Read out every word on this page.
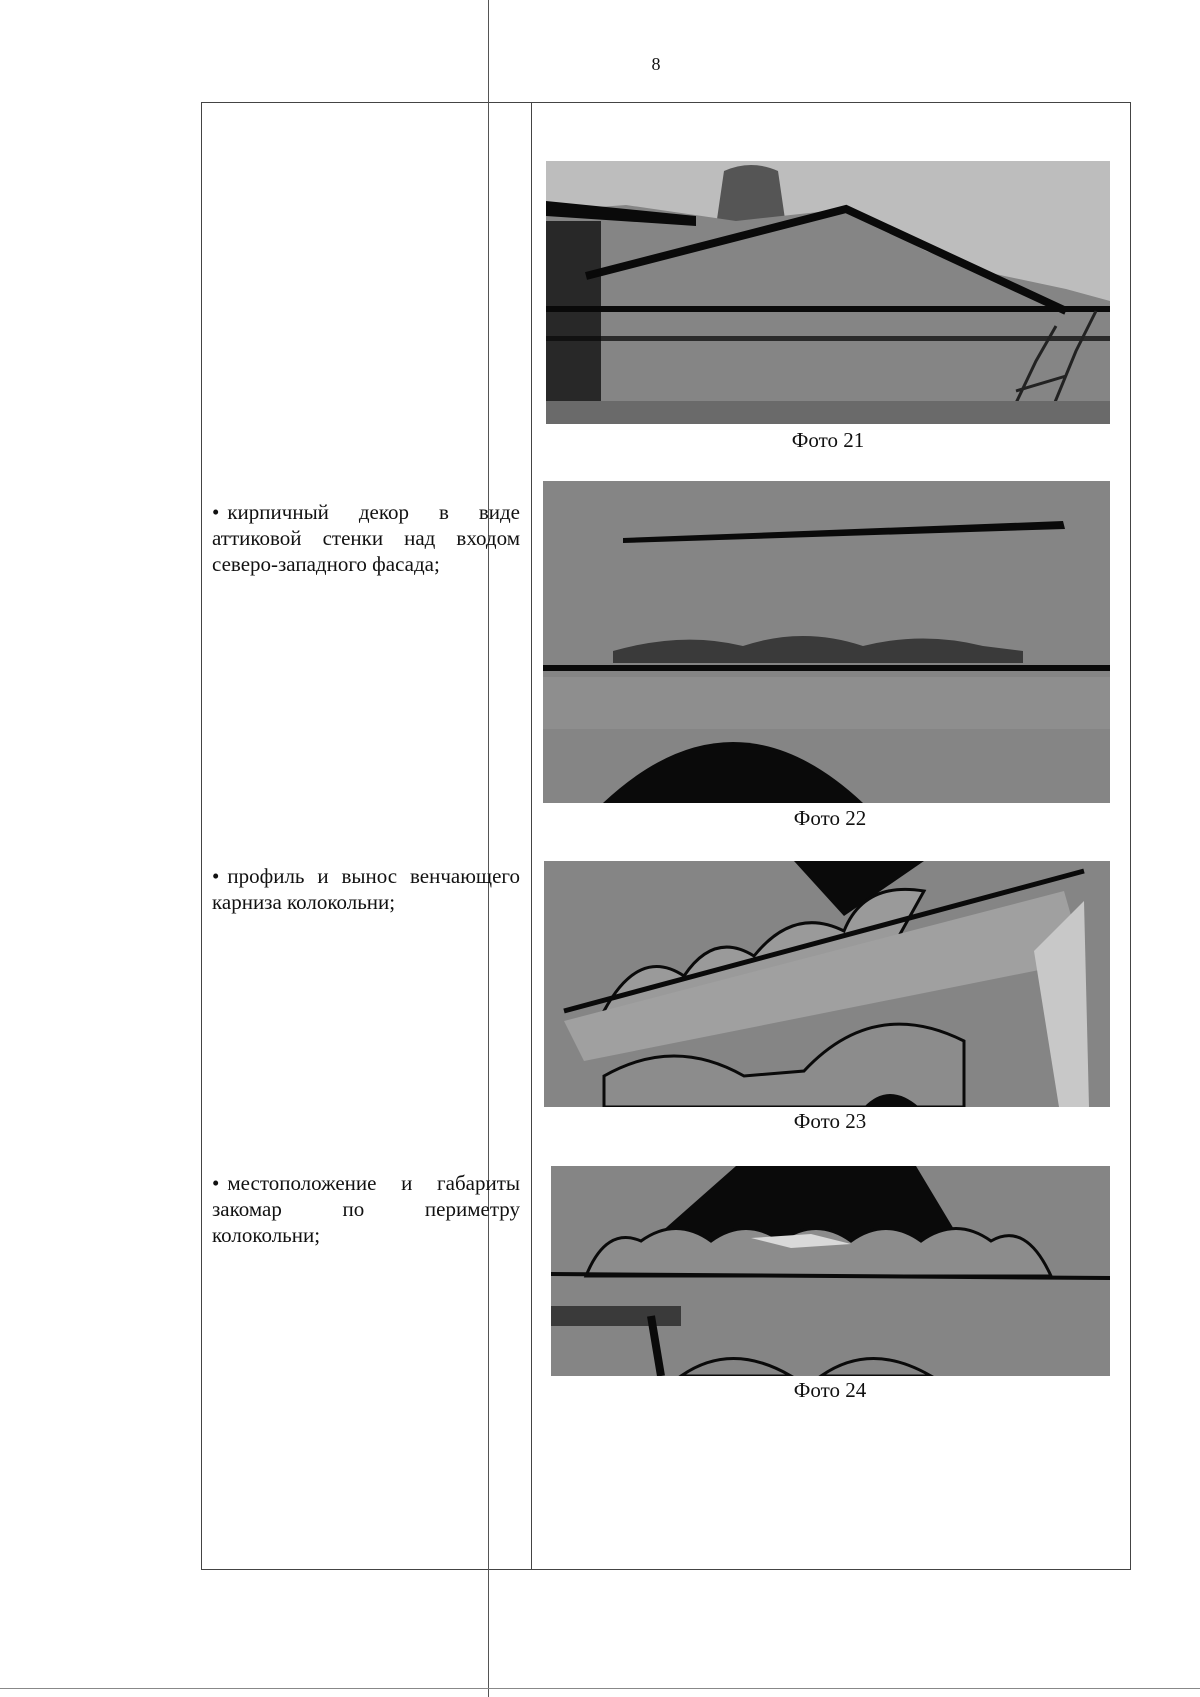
8
• кирпичный декор в виде аттиковой стенки над входом северо-западного фасада;
• профиль и вынос венчающего карниза колокольни;
• местоположение и габариты закомар по периметру колокольни;
Фото 21
Фото 22
Фото 23
Фото 24
